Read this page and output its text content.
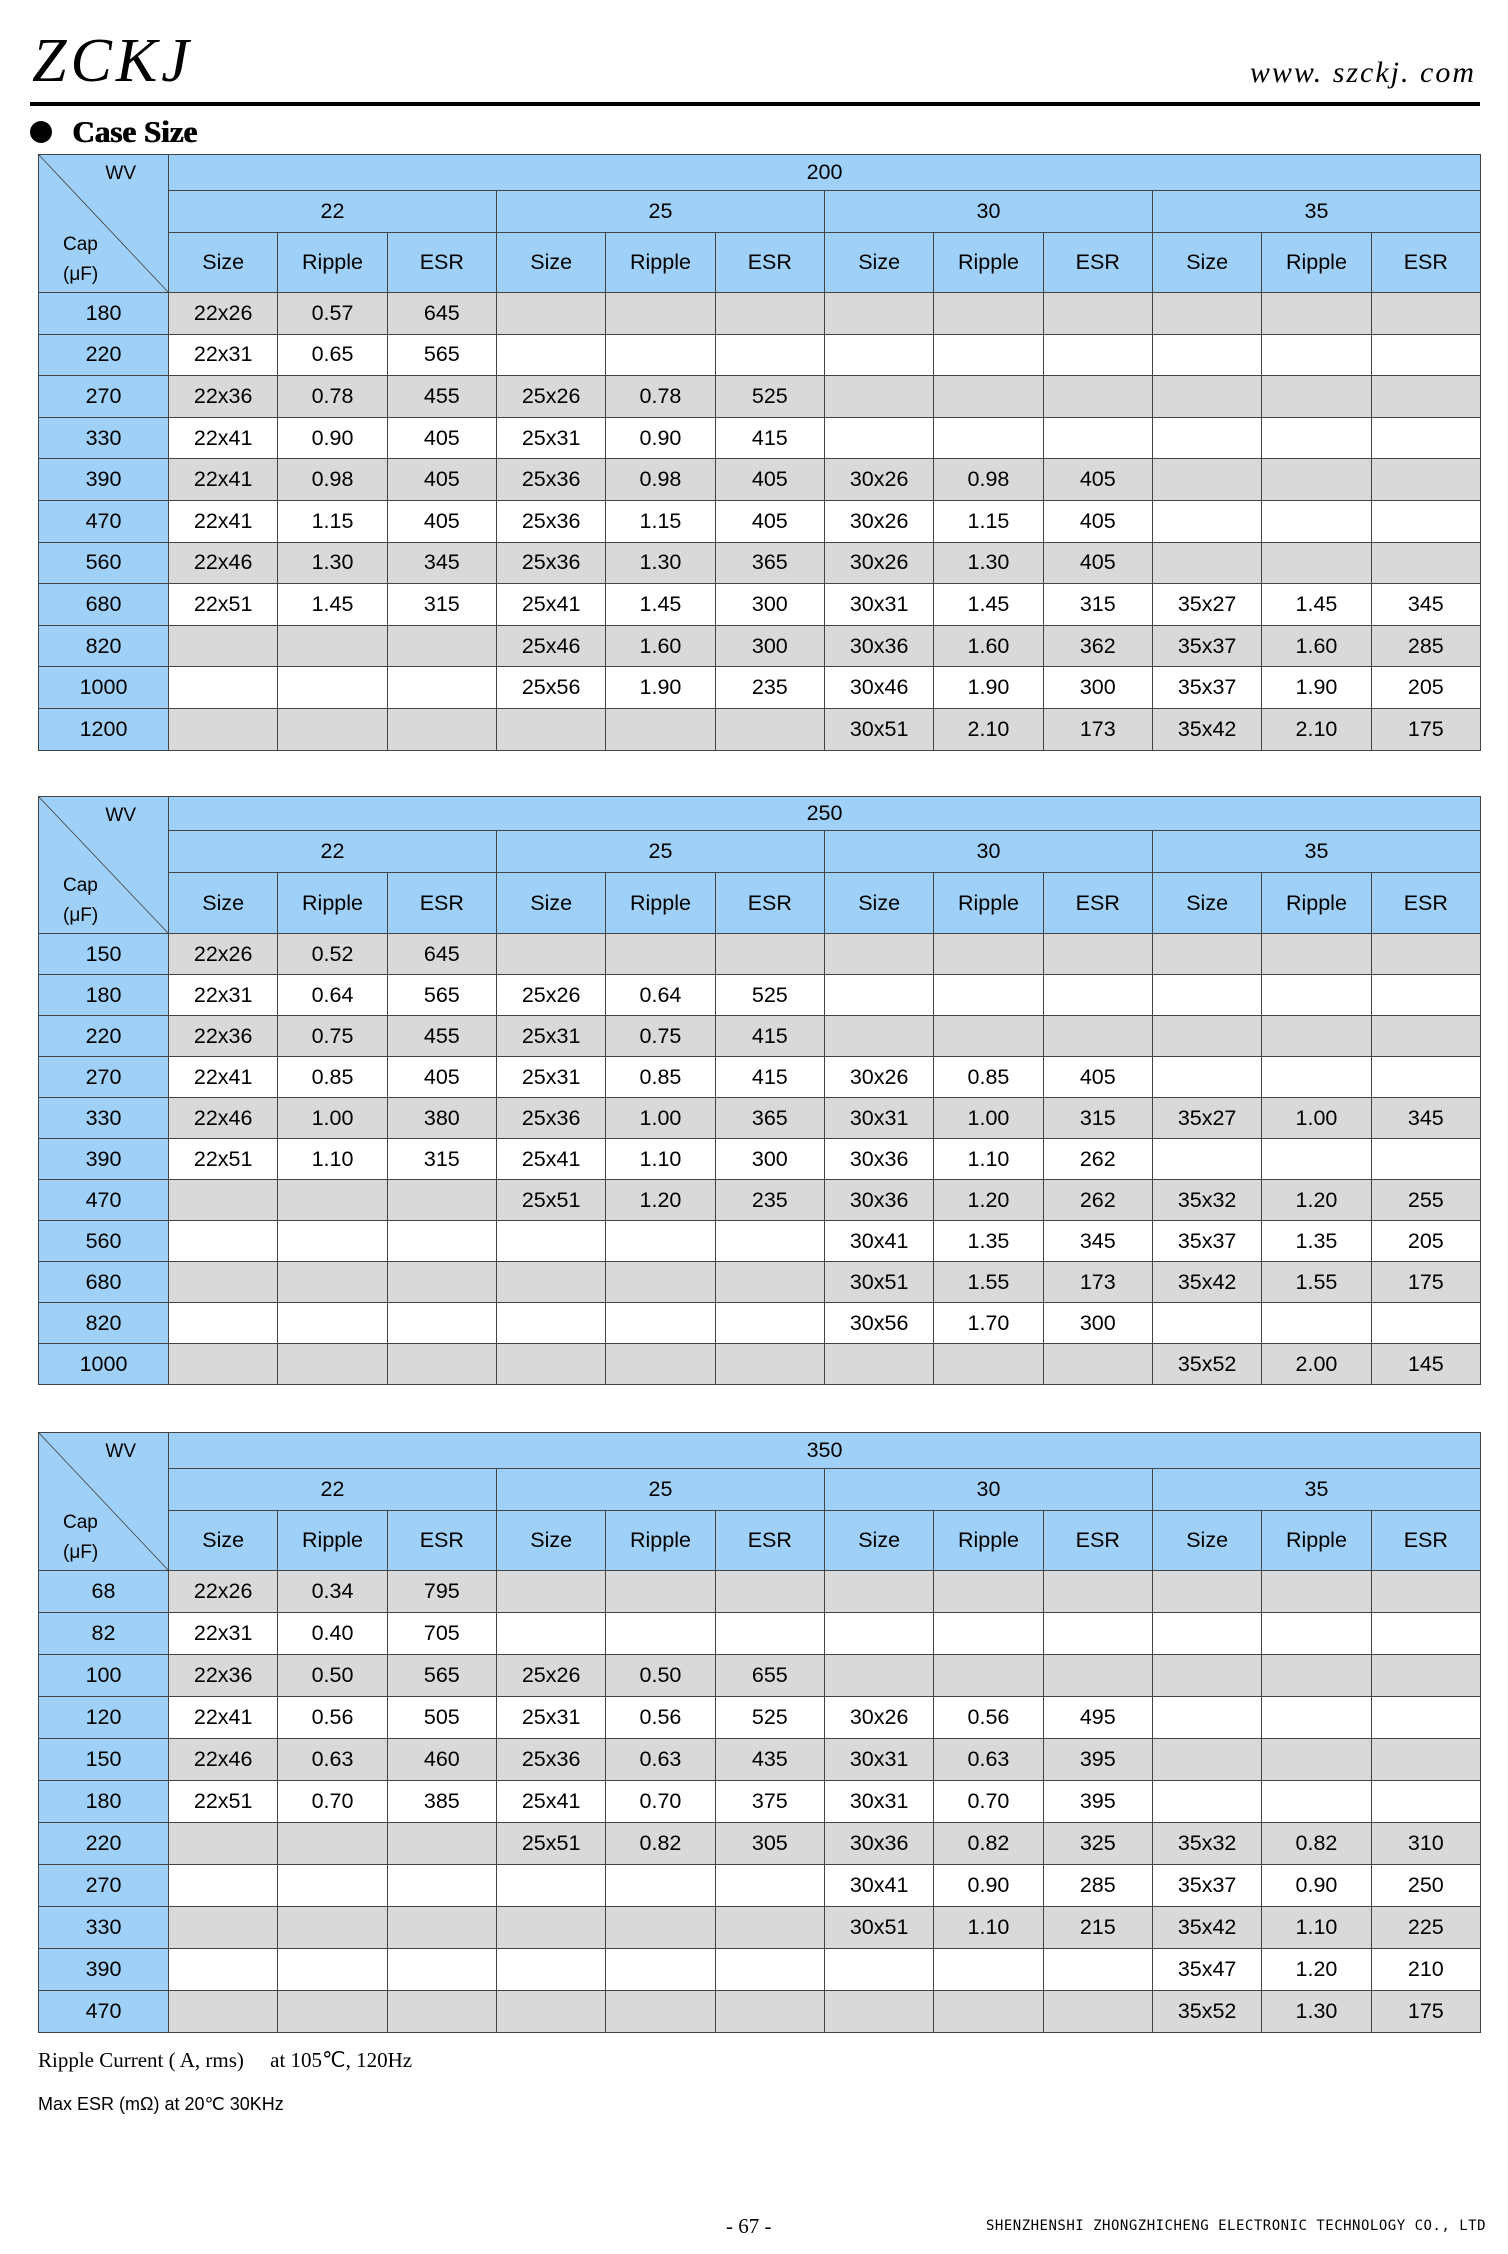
ZCKJ	www. szckj. com
Case Size
WV
Cap
(μF)	200											
	22			25			30			35		
	Size	Ripple	ESR	Size	Ripple	ESR	Size	Ripple	ESR	Size	Ripple	ESR
180	22x26	0.57	645									
220	22x31	0.65	565									
270	22x36	0.78	455	25x26	0.78	525						
330	22x41	0.90	405	25x31	0.90	415						
390	22x41	0.98	405	25x36	0.98	405	30x26	0.98	405			
470	22x41	1.15	405	25x36	1.15	405	30x26	1.15	405			
560	22x46	1.30	345	25x36	1.30	365	30x26	1.30	405			
680	22x51	1.45	315	25x41	1.45	300	30x31	1.45	315	35x27	1.45	345
820				25x46	1.60	300	30x36	1.60	362	35x37	1.60	285
1000				25x56	1.90	235	30x46	1.90	300	35x37	1.90	205
1200							30x51	2.10	173	35x42	2.10	175
WV
Cap
(μF)	250											
	22			25			30			35		
	Size	Ripple	ESR	Size	Ripple	ESR	Size	Ripple	ESR	Size	Ripple	ESR
150	22x26	0.52	645									
180	22x31	0.64	565	25x26	0.64	525						
220	22x36	0.75	455	25x31	0.75	415						
270	22x41	0.85	405	25x31	0.85	415	30x26	0.85	405			
330	22x46	1.00	380	25x36	1.00	365	30x31	1.00	315	35x27	1.00	345
390	22x51	1.10	315	25x41	1.10	300	30x36	1.10	262			
470				25x51	1.20	235	30x36	1.20	262	35x32	1.20	255
560							30x41	1.35	345	35x37	1.35	205
680							30x51	1.55	173	35x42	1.55	175
820							30x56	1.70	300			
1000										35x52	2.00	145
WV
Cap
(μF)	350											
	22			25			30			35		
	Size	Ripple	ESR	Size	Ripple	ESR	Size	Ripple	ESR	Size	Ripple	ESR
68	22x26	0.34	795									
82	22x31	0.40	705									
100	22x36	0.50	565	25x26	0.50	655						
120	22x41	0.56	505	25x31	0.56	525	30x26	0.56	495			
150	22x46	0.63	460	25x36	0.63	435	30x31	0.63	395			
180	22x51	0.70	385	25x41	0.70	375	30x31	0.70	395			
220				25x51	0.82	305	30x36	0.82	325	35x32	0.82	310
270							30x41	0.90	285	35x37	0.90	250
330							30x51	1.10	215	35x42	1.10	225
390										35x47	1.20	210
470										35x52	1.30	175
Ripple Current ( A, rms)     at 105℃, 120Hz
Max ESR (mΩ) at 20℃ 30KHz
- 67 -	SHENZHENSHI ZHONGZHICHENG ELECTRONIC TECHNOLOGY CO., LTD
